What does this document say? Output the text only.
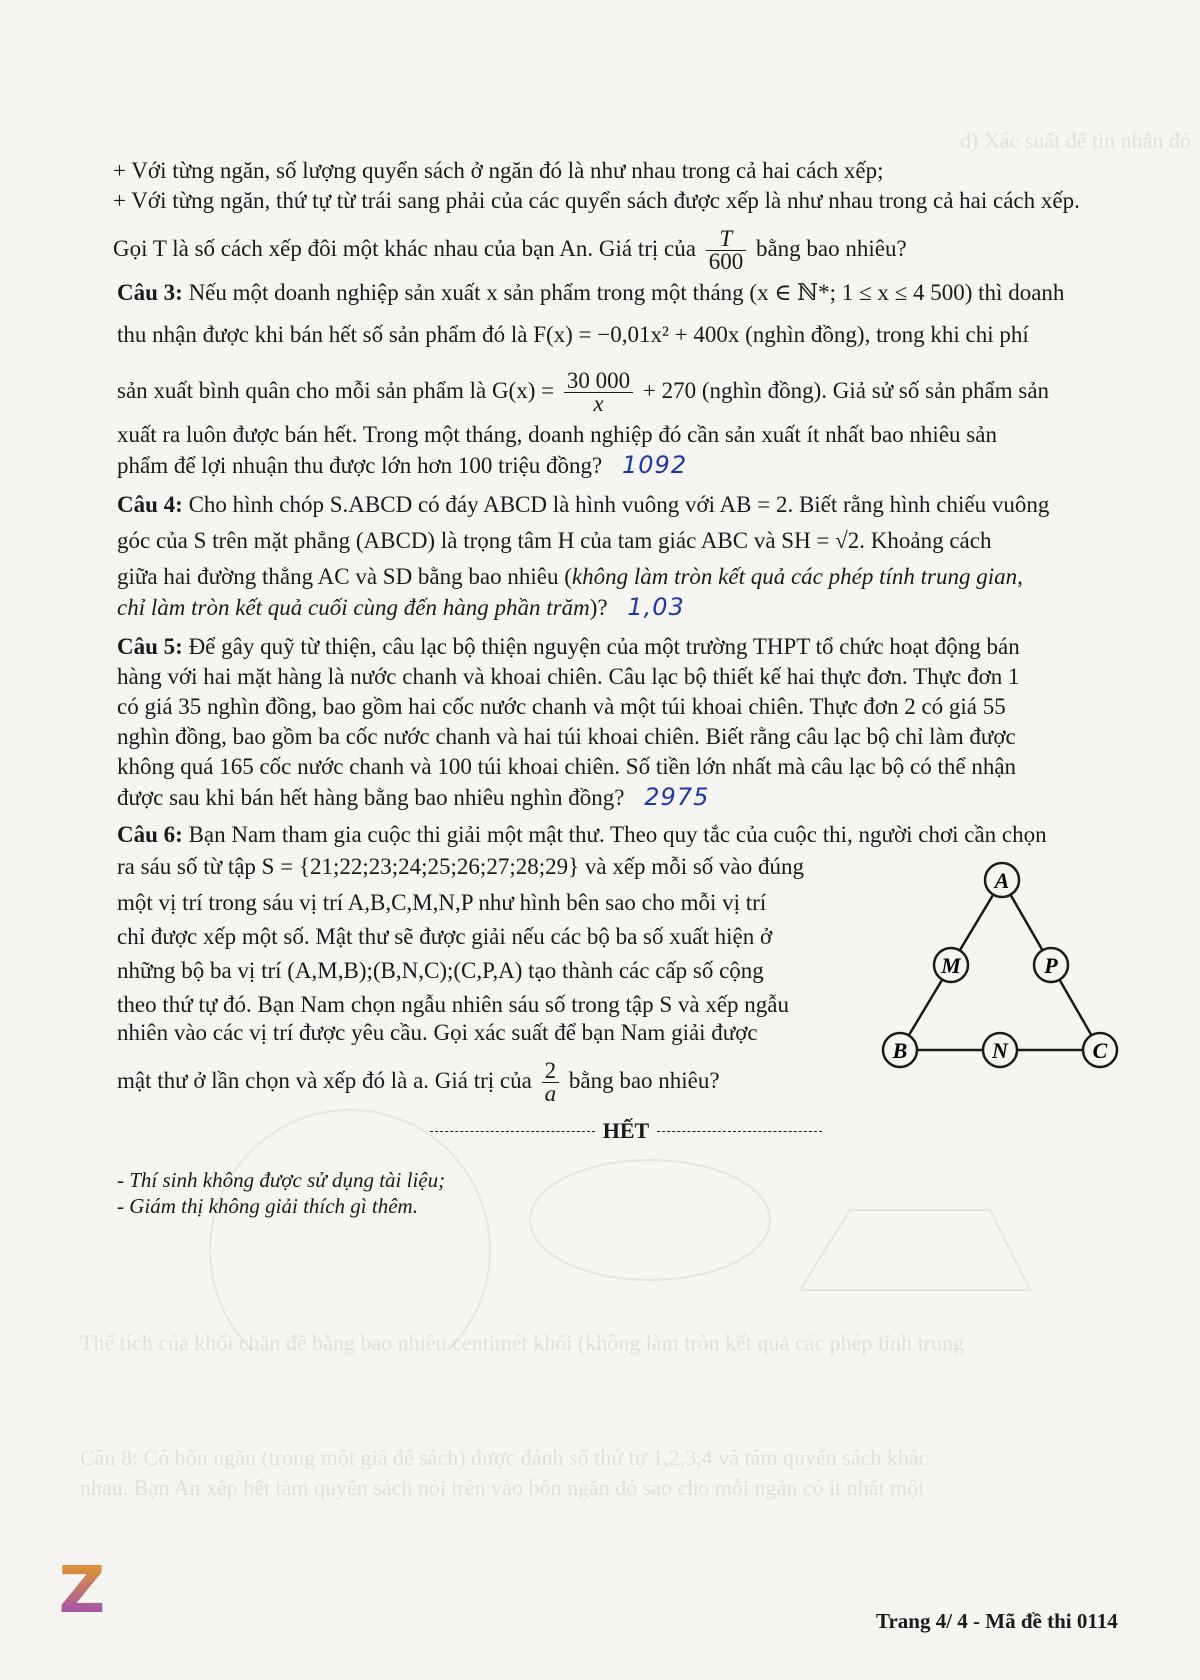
d) Xác suất để tin nhắn đó
Thể tích của khối chặn đề bằng bao nhiêu centimét khối (không làm tròn kết quả các phép tính trung
Câu 8: Có bốn ngăn (trong một giá để sách) được đánh số thứ tự 1,2,3,4 và tám quyển sách khác
nhau. Bạn An xếp hết tám quyển sách nói trên vào bốn ngăn đó sao cho mỗi ngăn có ít nhất một
+ Với từng ngăn, số lượng quyển sách ở ngăn đó là như nhau trong cả hai cách xếp;
+ Với từng ngăn, thứ tự từ trái sang phải của các quyển sách được xếp là như nhau trong cả hai cách xếp.
Gọi T là số cách xếp đôi một khác nhau của bạn An. Giá trị của $\frac{T}{600}$ bằng bao nhiêu?
Câu 3: Nếu một doanh nghiệp sản xuất x sản phẩm trong một tháng (x ∈ ℕ*; 1 ≤ x ≤ 4 500) thì doanh
thu nhận được khi bán hết số sản phẩm đó là F(x) = −0,01x² + 400x (nghìn đồng), trong khi chi phí
sản xuất bình quân cho mỗi sản phẩm là $G(x) = \frac{30 000}{x} + 270$ (nghìn đồng). Giả sử số sản phẩm sản
xuất ra luôn được bán hết. Trong một tháng, doanh nghiệp đó cần sản xuất ít nhất bao nhiêu sản
phẩm để lợi nhuận thu được lớn hơn 100 triệu đồng? 1092
Câu 4: Cho hình chóp S.ABCD có đáy ABCD là hình vuông với AB = 2. Biết rằng hình chiếu vuông
góc của S trên mặt phẳng (ABCD) là trọng tâm H của tam giác ABC và SH = √2. Khoảng cách
giữa hai đường thẳng AC và SD bằng bao nhiêu (không làm tròn kết quả các phép tính trung gian,
chỉ làm tròn kết quả cuối cùng đến hàng phần trăm)? 1,03
Câu 5: Để gây quỹ từ thiện, câu lạc bộ thiện nguyện của một trường THPT tổ chức hoạt động bán
hàng với hai mặt hàng là nước chanh và khoai chiên. Câu lạc bộ thiết kế hai thực đơn. Thực đơn 1
có giá 35 nghìn đồng, bao gồm hai cốc nước chanh và một túi khoai chiên. Thực đơn 2 có giá 55
nghìn đồng, bao gồm ba cốc nước chanh và hai túi khoai chiên. Biết rằng câu lạc bộ chỉ làm được
không quá 165 cốc nước chanh và 100 túi khoai chiên. Số tiền lớn nhất mà câu lạc bộ có thể nhận
được sau khi bán hết hàng bằng bao nhiêu nghìn đồng? 2975
Câu 6: Bạn Nam tham gia cuộc thi giải một mật thư. Theo quy tắc của cuộc thi, người chơi cần chọn
ra sáu số từ tập S = {21;22;23;24;25;26;27;28;29} và xếp mỗi số vào đúng
một vị trí trong sáu vị trí A,B,C,M,N,P như hình bên sao cho mỗi vị trí
chỉ được xếp một số. Mật thư sẽ được giải nếu các bộ ba số xuất hiện ở
những bộ ba vị trí (A,M,B);(B,N,C);(C,P,A) tạo thành các cấp số cộng
theo thứ tự đó. Bạn Nam chọn ngẫu nhiên sáu số trong tập S và xếp ngẫu
nhiên vào các vị trí được yêu cầu. Gọi xác suất để bạn Nam giải được
mật thư ở lần chọn và xếp đó là a. Giá trị của $\frac{2}{a}$ bằng bao nhiêu?
A
M	P
B	N	C
HẾT
- Thí sinh không được sử dụng tài liệu;
- Giám thị không giải thích gì thêm.
Z	Trang 4/ 4 - Mã đề thi 0114
